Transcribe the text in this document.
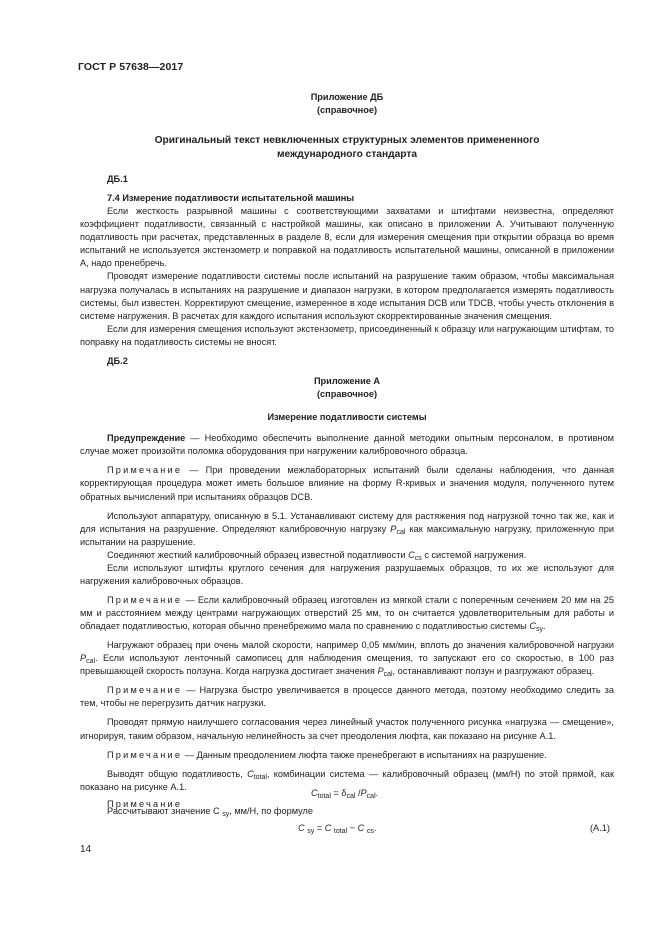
ГОСТ Р 57638—2017
Приложение ДБ
(справочное)
Оригинальный текст невключенных структурных элементов примененного
международного стандарта
ДБ.1
7.4 Измерение податливости испытательной машины

Если жесткость разрывной машины с соответствующими захватами и штифтами неизвестна, определяют коэффициент податливости, связанный с настройкой машины, как описано в приложении А. Учитывают полученную податливость при расчетах, представленных в разделе 8, если для измерения смещения при открытии образца во время испытаний не используется экстензометр и поправкой на податливость испытательной машины, описанной в приложении А, надо пренебречь.

Проводят измерение податливости системы после испытаний на разрушение таким образом, чтобы максимальная нагрузка получалась в испытаниях на разрушение и диапазон нагрузки, в котором предполагается измерять податливость системы, был известен. Корректируют смещение, измеренное в ходе испытания DCB или TDCB, чтобы учесть отклонения в системе нагружения. В расчетах для каждого испытания используют скорректированные значения смещения.

Если для измерения смещения используют экстензометр, присоединенный к образцу или нагружающим штифтам, то поправку на податливость системы не вносят.

ДБ.2
Приложение А
(справочное)
Измерение податливости системы

Предупреждение — Необходимо обеспечить выполнение данной методики опытным персоналом, в противном случае может произойти поломка оборудования при нагружении калибровочного образца.

Примечание — При проведении межлабораторных испытаний были сделаны наблюдения, что данная корректирующая процедура может иметь большое влияние на форму R-кривых и значения модуля, полученного путем обратных вычислений при испытаниях образцов DCB.

Используют аппаратуру, описанную в 5.1. Устанавливают систему для растяжения под нагрузкой точно так же, как и для испытания на разрушение. Определяют калибровочную нагрузку $P_{cal}$ как максимальную нагрузку, приложенную при испытании на разрушение.

Соединяют жесткий калибровочный образец известной податливости $C_{cs}$ с системой нагружения.

Если используют штифты круглого сечения для нагружения разрушаемых образцов, то их же используют для нагружения калибровочных образцов.

Примечание — Если калибровочный образец изготовлен из мягкой стали с поперечным сечением 20 мм на 25 мм и расстоянием между центрами нагружающих отверстий 25 мм, то он считается удовлетворительным для работы и обладает податливостью, которая обычно пренебрежимо мала по сравнению с податливостью системы $C_{sy}$.

Нагружают образец при очень малой скорости, например 0,05 мм/мин, вплоть до значения калибровочной нагрузки $P_{cal}$. Если используют ленточный самописец для наблюдения смещения, то запускают его со скоростью, в 100 раз превышающей скорость ползуна. Когда нагрузка достигает значения $P_{cal}$, останавливают ползун и разгружают образец.

Примечание — Нагрузка быстро увеличивается в процессе данного метода, поэтому необходимо следить за тем, чтобы не перегрузить датчик нагрузки.

Проводят прямую наилучшего согласования через линейный участок полученного рисунка «нагрузка — смещение», игнорируя, таким образом, начальную нелинейность за счет преодоления люфта, как показано на рисунке А.1.

Примечание — Данным преодолением люфта также пренебрегают в испытаниях на разрушение.

Выводят общую податливость, $C_{total}$, комбинации система — калибровочный образец (мм/Н) по этой прямой, как показано на рисунке А.1.

Примечание

$C_{total} = \delta_{cal}$ $/P_{cal}$.
Рассчитывают значение C $_{sy}$, мм/Н, по формуле
C $_{sy}$ = C $_{total}$ − C $_{cs}$.	(А.1)
14
